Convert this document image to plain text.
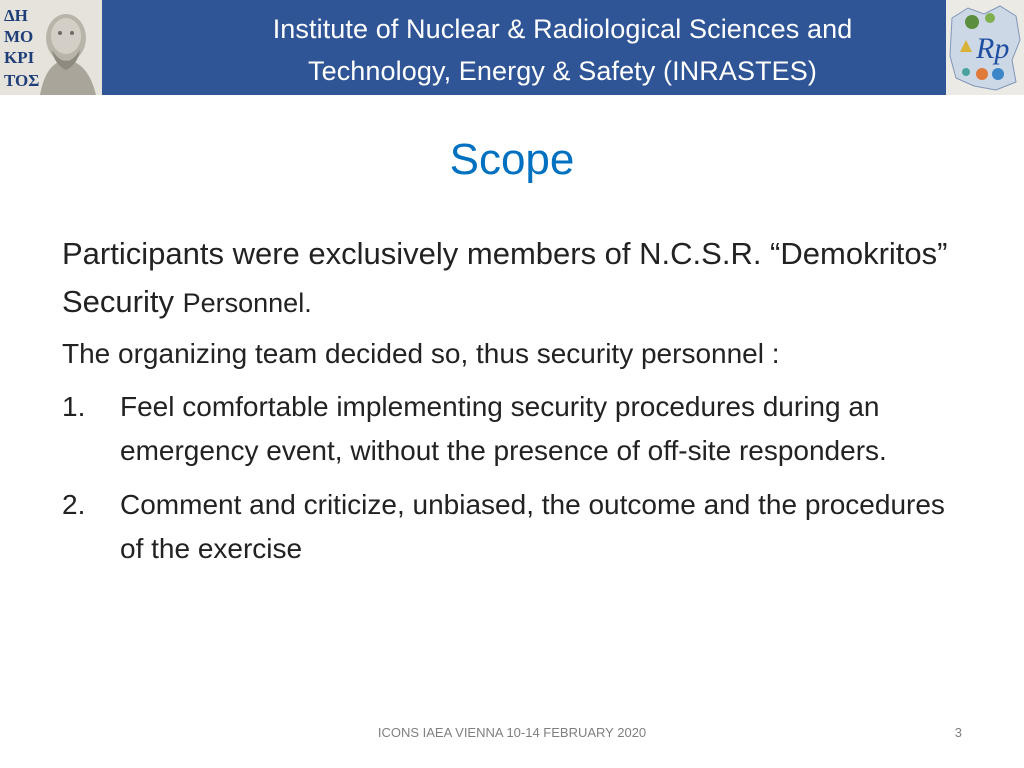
ΔΗ
ΜΟ
ΚΡΙ
ΤΟΣ
Institute of Nuclear & Radiological Sciences and
Technology, Energy & Safety (INRASTES)
Rp
Scope

Participants were exclusively members of N.C.S.R. “Demokritos” Security Personnel.

The organizing team decided so, thus security personnel :

1. Feel comfortable implementing security procedures during an emergency event, without the presence of off-site responders.
2. Comment and criticize, unbiased, the outcome and the procedures of the exercise
ICONS IAEA VIENNA 10-14 FEBRUARY 2020	3
